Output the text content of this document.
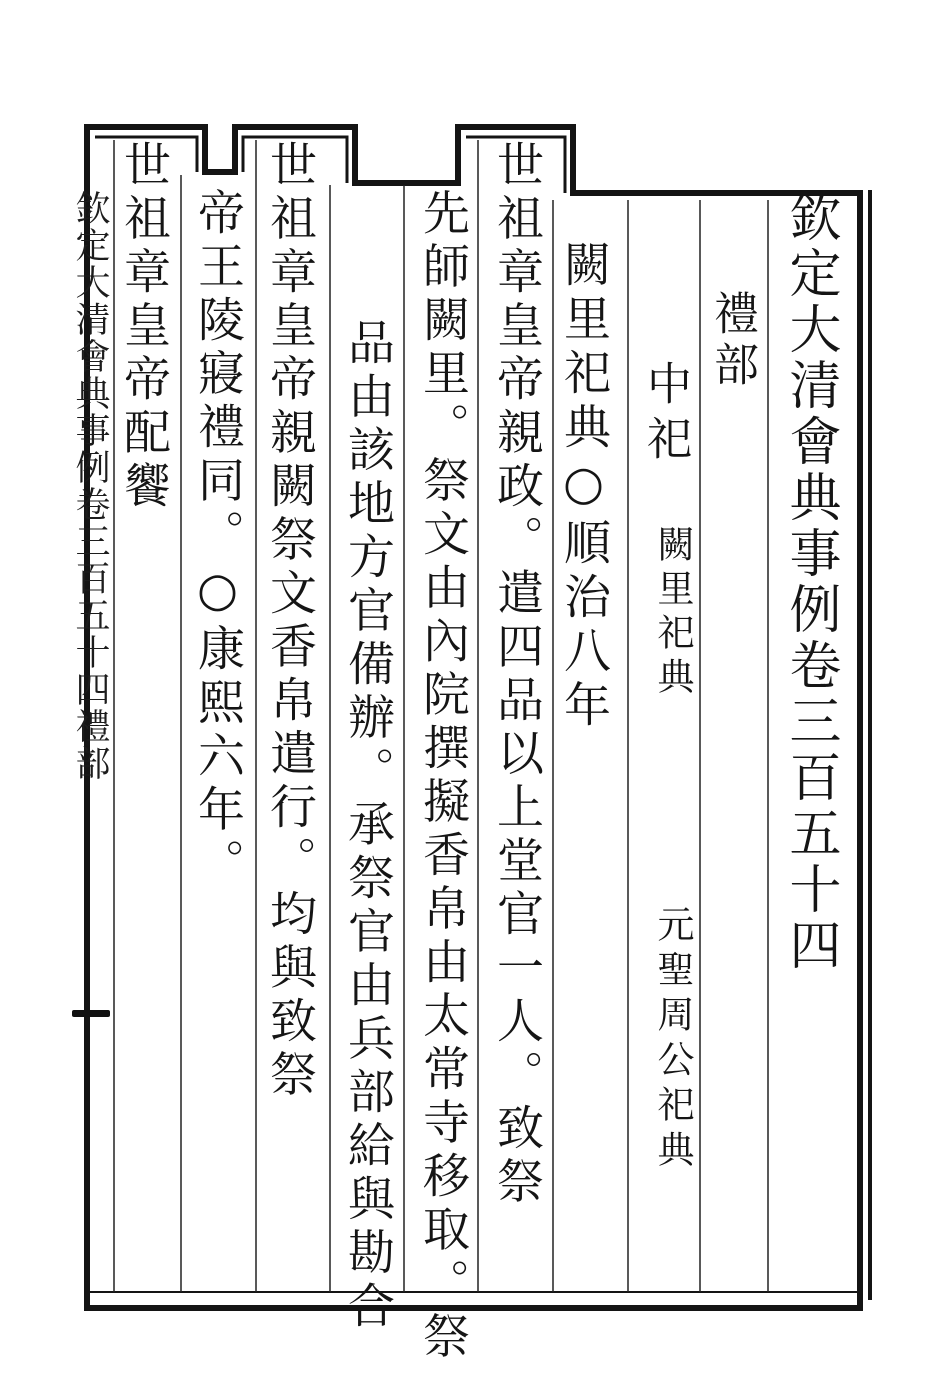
欽定大清會典事例卷三百五十四
禮部
中祀
闕里祀典
元聖周公祀典
闕里祀典○順治八年
世祖章皇帝親政。遣四品以上堂官一人。致祭
先師闕里。祭文由內院撰擬香帛由太常寺移取。祭
品由該地方官備辦。承祭官由兵部給與勘合
世祖章皇帝親闕祭文香帛遣行。均與致祭
帝王陵寢禮同。○康熙六年。
世祖章皇帝配饗
欽定大清會典事例卷三百五十四禮部
